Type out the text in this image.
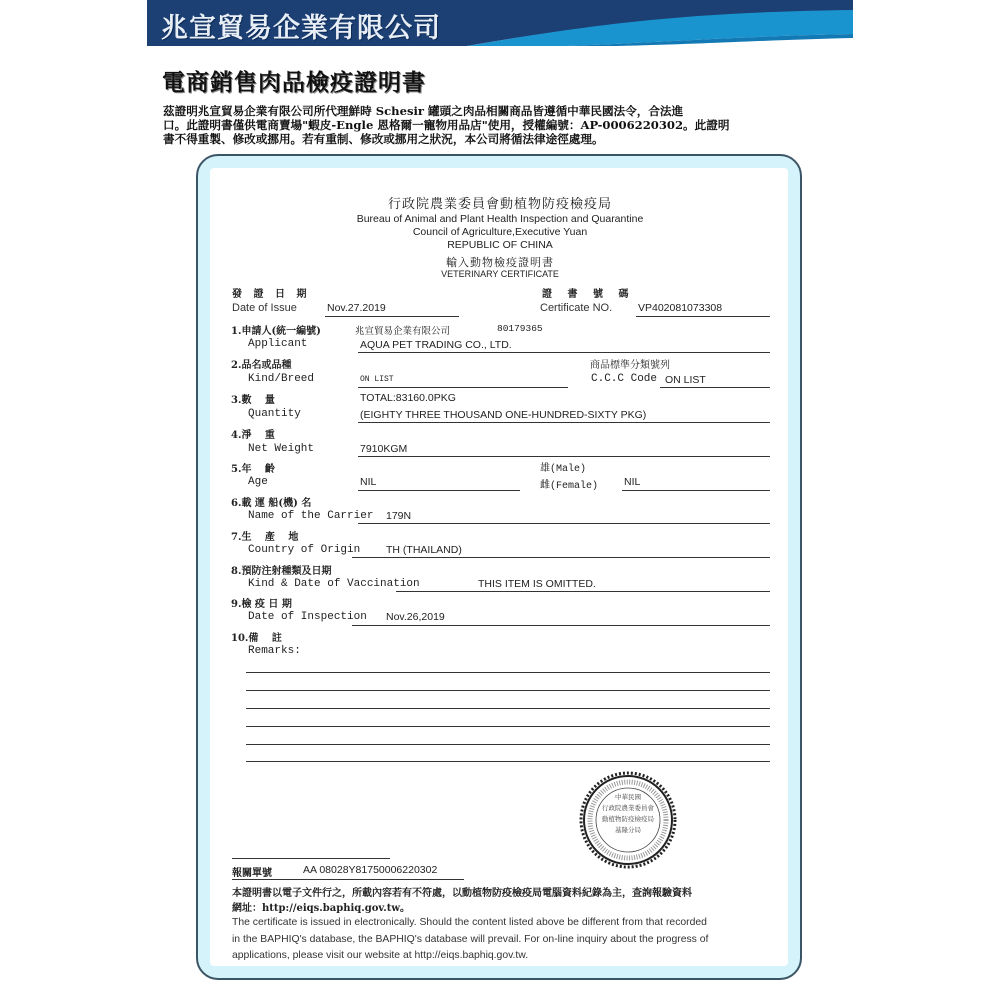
兆宣貿易企業有限公司
電商銷售肉品檢疫證明書
茲證明兆宣貿易企業有限公司所代理鮮時 Schesir 罐頭之肉品相關商品皆遵循中華民國法令，合法進
口。此證明書僅供電商賣場"蝦皮-Engle 恩格爾一寵物用品店"使用，授權編號：AP-0006220302。此證明
書不得重製、修改或挪用。若有重制、修改或挪用之狀況，本公司將循法律途徑處理。
行政院農業委員會動植物防疫檢疫局
Bureau of Animal and Plant Health Inspection and Quarantine
Council of Agriculture,Executive Yuan
REPUBLIC OF CHINA
輸入動物檢疫證明書
VETERINARY CERTIFICATE
發 證 日 期
Date of Issue	Nov.27.2019
證 書 號 碼
Certificate NO. VP402081073308
1.申請人(統一編號)	兆宣貿易企業有限公司	80179365
Applicant	AQUA PET TRADING CO., LTD.
2.品名或品種	商品標準分類號列
Kind/Breed	ON LIST	C.C.C Code ON LIST
3.數　 量	TOTAL:83160.0PKG
Quantity	(EIGHTY THREE THOUSAND ONE-HUNDRED-SIXTY PKG)
4.淨　 重
Net Weight	7910KGM
5.年　 齡	雄(Male)
Age	NIL	雌(Female) NIL
6.載 運 船(機) 名
Name of the Carrier 179N
7.生　 產　 地
Country of Origin TH (THAILAND)
8.預防注射種類及日期
Kind & Date of Vaccination	THIS ITEM IS OMITTED.
9.檢 疫 日 期
Date of Inspection Nov.26,2019
10.備　 註
Remarks:
中華民國
行政院農業委員會
動植物防疫檢疫局
基隆分局
報關單號	AA 08028Y81750006220302
本證明書以電子文件行之，所載內容若有不符處，以動植物防疫檢疫局電腦資料紀錄為主，查詢報驗資料
網址：http://eiqs.baphiq.gov.tw。
The certificate is issued in electronically. Should the content listed above be different from that recorded
in the BAPHIQ's database, the BAPHIQ's database will prevail. For on-line inquiry about the progress of
applications, please visit our website at http://eiqs.baphiq.gov.tw.
